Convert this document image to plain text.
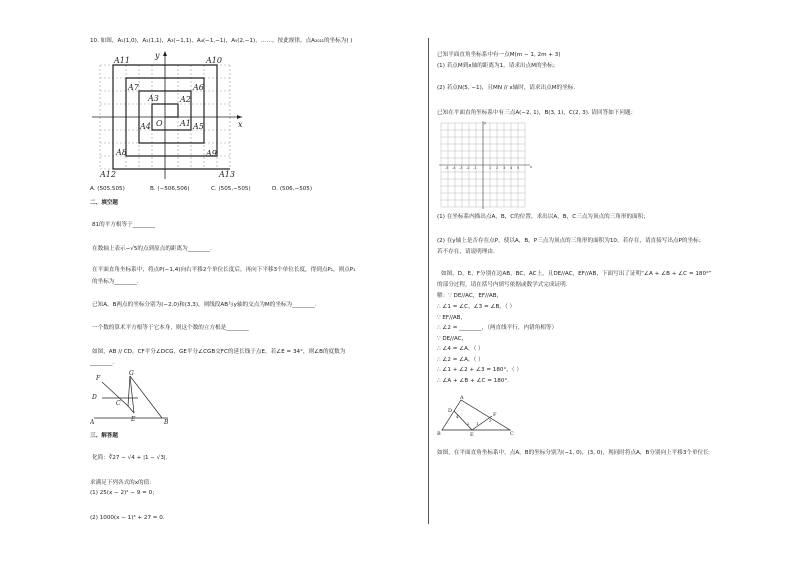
10. 如图，A₁(1,0)，A₂(1,1)，A₃(−1,1)，A₄(−1,−1)，A₅(2,−1)，……，按此规律，点A₂₀₂₁的坐标为( )
x
y
O A1
A2
A3
A4	A5
A6
A7
A8	A9
A10
A11
A12	A13
A. (505,505)	B. (−506,506)	C. (505,−505)	D. (506,−505)
二、填空题
81的平方根等于________
在数轴上表示−√5的点到原点的距离为________.
在平面直角坐标系中，将点P(−1,4)向右平移2个单位长度后，再向下平移3个单位长度，得到点P₁，则点P₁
的坐标为________.
已知A，B两点的坐标分别为(−2,0)和(3,3)，则线段AB与y轴的交点为M的坐标为________.
一个数的算术平方根等于它本身，则这个数的立方根是________
如图，AB // CD，CF平分∠DCG，GE平分∠CGB交FC的延长线于点E，若∠E = 34°，则∠B的度数为
________.
F
G
D
C
A	E	B
三、解答题
化简：∛27 − √4 + |1 − √3|.
求满足下列各式的x的值：
(1) 25(x − 2)² − 9 = 0；
(2) 1000(x − 1)³ + 27 = 0.
已知平面直角坐标系中有一点M(m − 1, 2m + 3)
(1) 若点M到x轴的距离为1，请求出点M的坐标；
(2) 若点N(5, −1)，且MN // x轴时，请求出点M的坐标.
已知在平面直角坐标系中有三点A(−2, 1)，B(3, 1)，C(2, 3). 请回答如下问题：
-5 -4 -3 -2 -1	1 2 3 4 5	x
y
(1) 在坐标系内描出点A，B，C的位置，求出以A，B，C三点为顶点的三角形的面积；
(2) 在y轴上是否存在点P，使以A，B，P三点为顶点的三角形的面积为10，若存在，请直接写出点P的坐标；
若不存在，请说明理由.
如图，D，E，F分别在边AB，BC，AC上，且DE//AC，EF//AB，下面写出了证明“∠A + ∠B + ∠C = 180°”
的部分过程，请在括号内填写依据或数学式完成证明.
解：∵ DE//AC，EF//AB，
∴ ∠1 = ∠C，∠3 = ∠B，（ ）
∵ EF//AB，
∴ ∠2 = ________，（两直线平行，内错角相等）
∵ DE//AC，
∴ ∠4 = ∠A，（ ）
∴ ∠2 = ∠A，（ ）
∴ ∠1 + ∠2 + ∠3 = 180°，（ ）
∴ ∠A + ∠B + ∠C = 180°.
A
D
F
B	E	C
4
2 1
3
如图，在平面直角坐标系中，点A，B的坐标分别为(−1, 0)，(3, 0)，现同时将点A，B分别向上平移3个单位长
